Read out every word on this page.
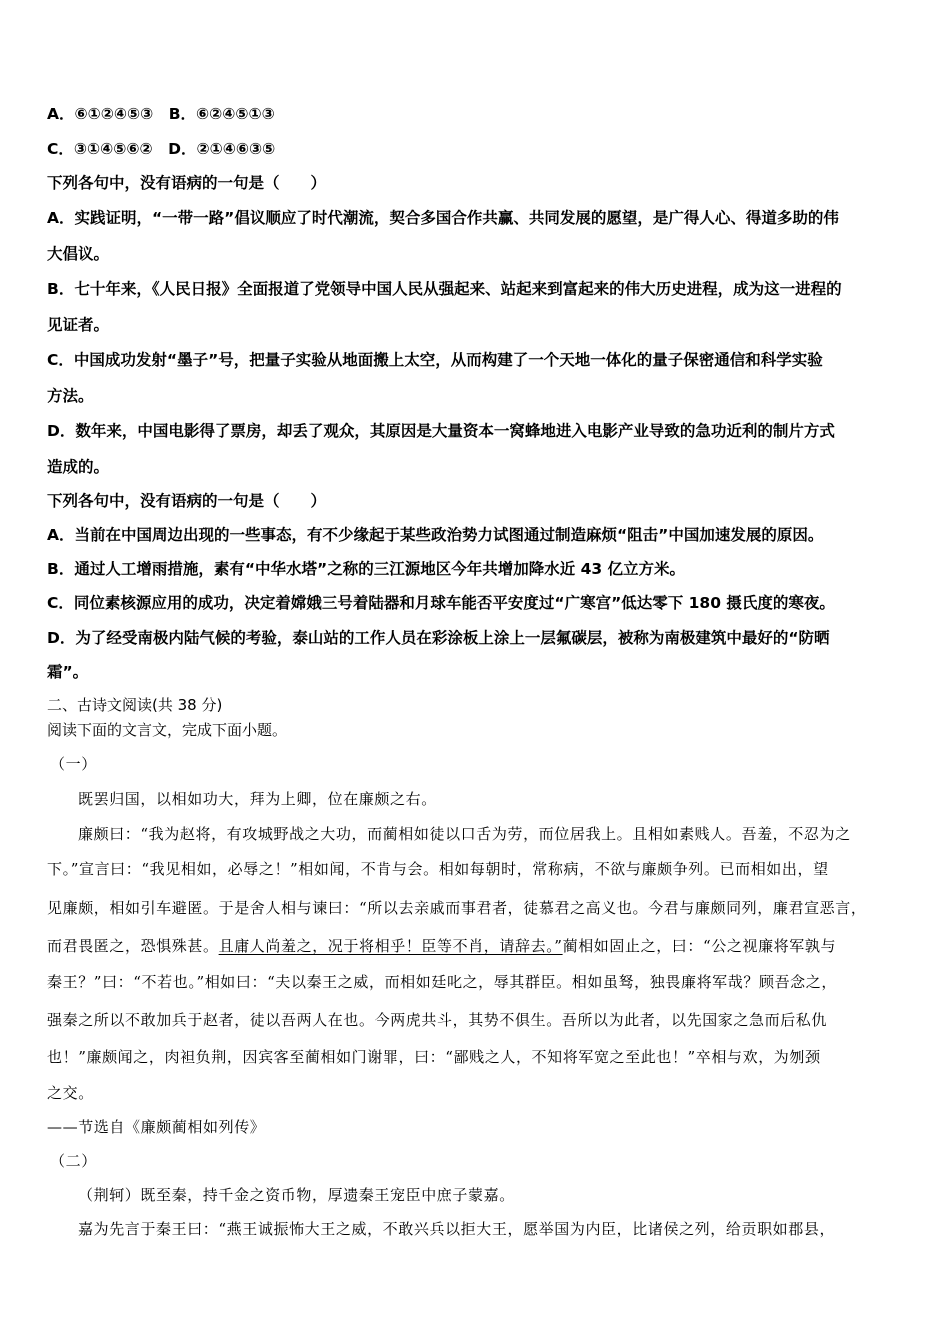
A．⑥①②④⑤③　B．⑥②④⑤①③
C．③①④⑤⑥②　D．②①④⑥③⑤
下列各句中，没有语病的一句是（　　）
A．实践证明，“一带一路”倡议顺应了时代潮流，契合多国合作共赢、共同发展的愿望，是广得人心、得道多助的伟
大倡议。
B．七十年来，《人民日报》全面报道了党领导中国人民从强起来、站起来到富起来的伟大历史进程，成为这一进程的
见证者。
C．中国成功发射“墨子”号，把量子实验从地面搬上太空，从而构建了一个天地一体化的量子保密通信和科学实验
方法。
D．数年来，中国电影得了票房，却丢了观众，其原因是大量资本一窝蜂地进入电影产业导致的急功近利的制片方式
造成的。
下列各句中，没有语病的一句是（　　）
A．当前在中国周边出现的一些事态，有不少缘起于某些政治势力试图通过制造麻烦“阻击”中国加速发展的原因。
B．通过人工增雨措施，素有“中华水塔”之称的三江源地区今年共增加降水近 43 亿立方米。
C．同位素核源应用的成功，决定着嫦娥三号着陆器和月球车能否平安度过“广寒宫”低达零下 180 摄氏度的寒夜。
D．为了经受南极内陆气候的考验，泰山站的工作人员在彩涂板上涂上一层氟碳层，被称为南极建筑中最好的“防晒
霜”。
二、古诗文阅读(共 38 分)
阅读下面的文言文，完成下面小题。
（一）
既罢归国，以相如功大，拜为上卿，位在廉颇之右。
廉颇曰：“我为赵将，有攻城野战之大功，而蔺相如徒以口舌为劳，而位居我上。且相如素贱人。吾羞，不忍为之
下。”宣言曰：“我见相如，必辱之！”相如闻，不肯与会。相如每朝时，常称病，不欲与廉颇争列。已而相如出，望
见廉颇，相如引车避匿。于是舍人相与谏曰：“所以去亲戚而事君者，徒慕君之高义也。今君与廉颇同列，廉君宣恶言，
而君畏匿之，恐惧殊甚。且庸人尚羞之，况于将相乎！臣等不肖，请辞去。”蔺相如固止之，曰：“公之视廉将军孰与
秦王？”曰：“不若也。”相如曰：“夫以秦王之威，而相如廷叱之，辱其群臣。相如虽驽，独畏廉将军哉？顾吾念之，
强秦之所以不敢加兵于赵者，徒以吾两人在也。今两虎共斗，其势不俱生。吾所以为此者，以先国家之急而后私仇
也！”廉颇闻之，肉袒负荆，因宾客至蔺相如门谢罪，曰：“鄙贱之人，不知将军宽之至此也！”卒相与欢，为刎颈
之交。
——节选自《廉颇蔺相如列传》
（二）
（荆轲）既至秦，持千金之资币物，厚遗秦王宠臣中庶子蒙嘉。
嘉为先言于秦王曰：“燕王诚振怖大王之威，不敢兴兵以拒大王，愿举国为内臣，比诸侯之列，给贡职如郡县，
